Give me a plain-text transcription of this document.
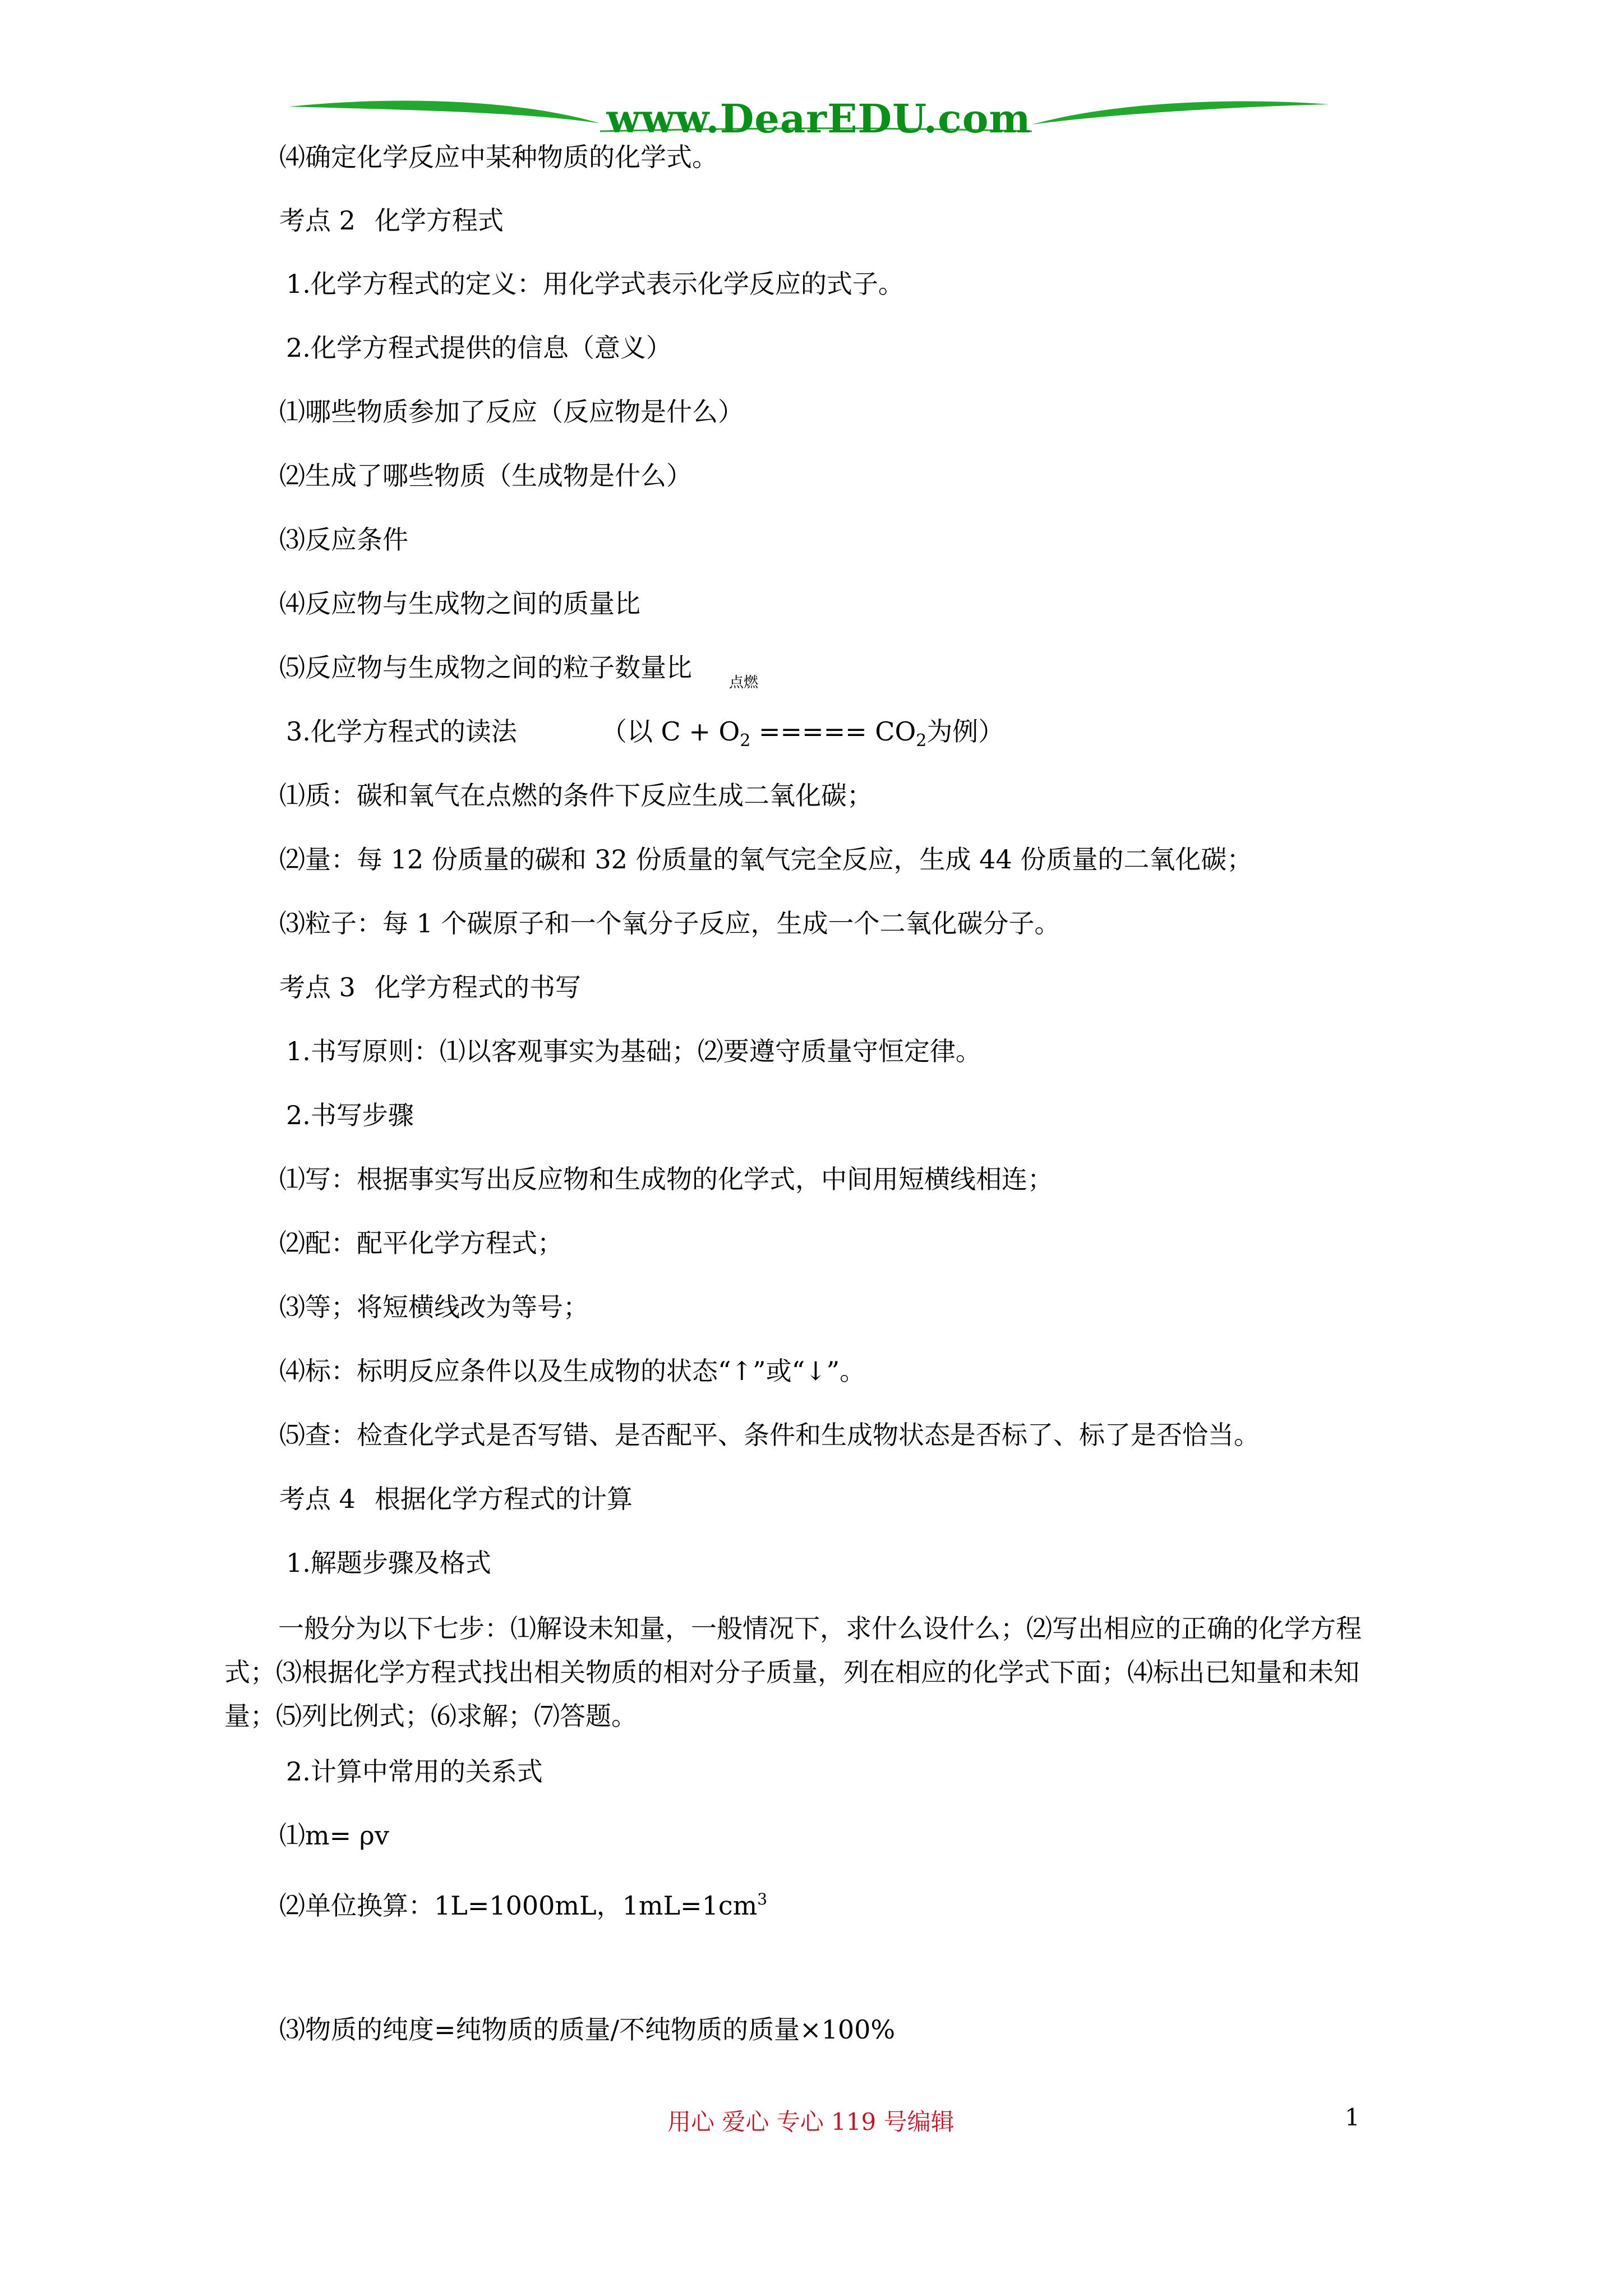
www.DearEDU.com
⑷确定化学反应中某种物质的化学式。
考点 2 化学方程式
1.化学方程式的定义：用化学式表示化学反应的式子。
2.化学方程式提供的信息（意义）
⑴哪些物质参加了反应（反应物是什么）
⑵生成了哪些物质（生成物是什么）
⑶反应条件
⑷反应物与生成物之间的质量比
⑸反应物与生成物之间的粒子数量比	点燃
3.化学方程式的读法	（以 $C + O_2$ ===== $CO_2$为例）
⑴质：碳和氧气在点燃的条件下反应生成二氧化碳；
⑵量：每 12 份质量的碳和 32 份质量的氧气完全反应，生成 44 份质量的二氧化碳；
⑶粒子：每 1 个碳原子和一个氧分子反应，生成一个二氧化碳分子。
考点 3 化学方程式的书写
1.书写原则：⑴以客观事实为基础；⑵要遵守质量守恒定律。
2.书写步骤
⑴写：根据事实写出反应物和生成物的化学式，中间用短横线相连；
⑵配：配平化学方程式；
⑶等；将短横线改为等号；
⑷标：标明反应条件以及生成物的状态“↑”或“↓”。
⑸查：检查化学式是否写错、是否配平、条件和生成物状态是否标了、标了是否恰当。
考点 4 根据化学方程式的计算
1.解题步骤及格式
一般分为以下七步：⑴解设未知量，一般情况下，求什么设什么；⑵写出相应的正确的化学方程式；⑶根据化学方程式找出相关物质的相对分子质量，列在相应的化学式下面；⑷标出已知量和未知量；⑸列比例式；⑹求解；⑺答题。
2.计算中常用的关系式
⑴m= ρv
⑵单位换算：1L=1000mL，$1mL=1cm^3$
⑶物质的纯度=纯物质的质量/不纯物质的质量×100%
用心 爱心 专心 119 号编辑	1
